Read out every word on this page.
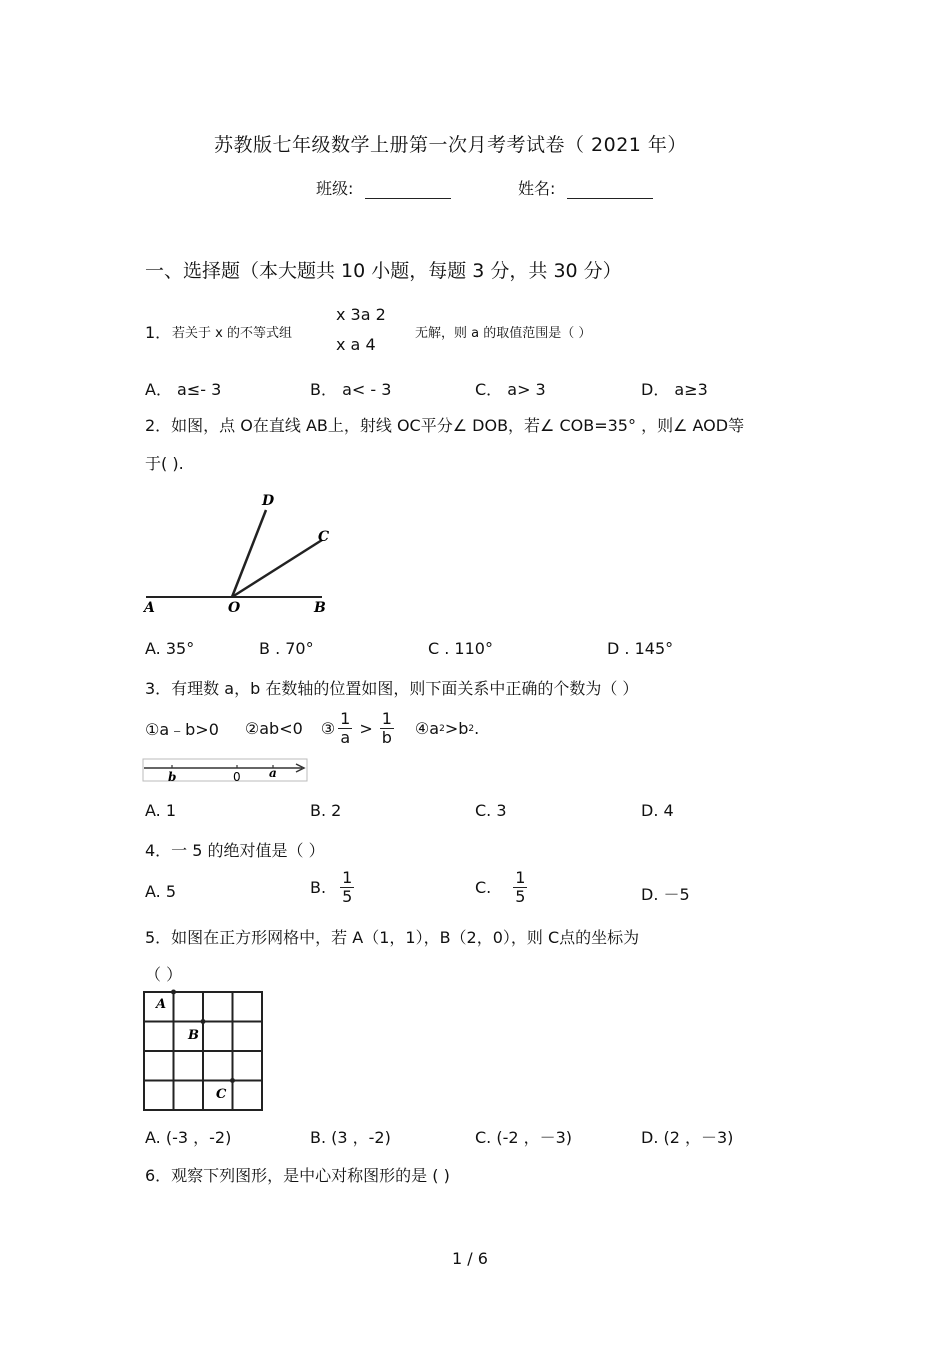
苏教版七年级数学上册第一次月考考试卷（ 2021 年）
班级:	姓名:
一、选择题（本大题共 10 小题，每题 3 分，共 30 分）
1． 若关于 x 的不等式组
x 3a 2
x a 4
无解，则 a 的取值范围是（ ）
A． a≤- 3	B． a< - 3	C． a> 3	D． a≥3
2．如图，点 O在直线 AB上，射线 OC平分∠ DOB，若∠ COB=35° ，则∠ AOD等
于( ).
D
C
A	O	B
A. 35°	B . 70°	C . 110°	D . 145°
3．有理数 a，b 在数轴的位置如图，则下面关系中正确的个数为（ ）
①a﹣b>0 ②ab<0 ③ $\frac{1}{a} > \frac{1}{b}$ ④a 2 >b 2 .
b	0 a
A. 1	B. 2	C. 3	D. 4
4．一 5 的绝对值是（ ）
A. 5	B. $\frac{1}{5}$	C. $\frac{1}{5}$	D. －5
5．如图在正方形网格中，若 A（1，1），B（2，0），则 C点的坐标为
（ ）
A
B
C
A. (-3 ，-2)	B. (3 ，-2)	C. (-2 ，－3)	D. (2 ，－3)
6．观察下列图形，是中心对称图形的是 ( )
1 / 6
